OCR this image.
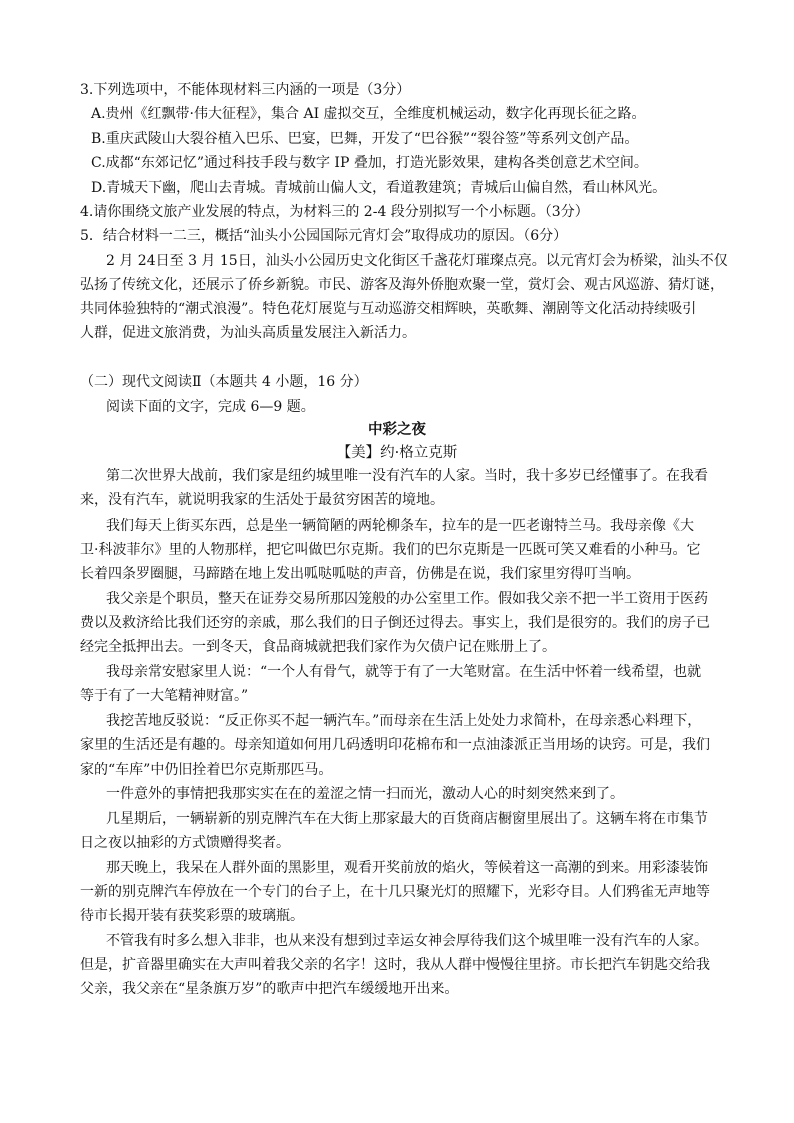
3.下列选项中，不能体现材料三内涵的一项是（3分）
A.贵州《红飘带·伟大征程》，集合 AI 虚拟交互，全维度机械运动，数字化再现长征之路。
B.重庆武陵山大裂谷植入巴乐、巴宴，巴舞，开发了“巴谷猴”“裂谷签”等系列文创产品。
C.成都“东郊记忆”通过科技手段与数字 IP 叠加，打造光影效果，建构各类创意艺术空间。
D.青城天下幽，爬山去青城。青城前山偏人文，看道教建筑；青城后山偏自然，看山林风光。
4.请你围绕文旅产业发展的特点，为材料三的 2-4 段分别拟写一个小标题。（3分）
5．结合材料一二三，概括“汕头小公园国际元宵灯会”取得成功的原因。（6分）
2 月 24日至 3 月 15日，汕头小公园历史文化街区千盏花灯璀璨点亮。以元宵灯会为桥梁，汕头不仅
弘扬了传统文化，还展示了侨乡新貌。市民、游客及海外侨胞欢聚一堂，赏灯会、观古风巡游、猜灯谜，
共同体验独特的“潮式浪漫”。特色花灯展览与互动巡游交相辉映，英歌舞、潮剧等文化活动持续吸引
人群，促进文旅消费，为汕头高质量发展注入新活力。
（二）现代文阅读Ⅱ（本题共 4 小题，16 分）
阅读下面的文字，完成 6—9 题。
中彩之夜
【美】约·格立克斯
第二次世界大战前，我们家是纽约城里唯一没有汽车的人家。当时，我十多岁已经懂事了。在我看
来，没有汽车，就说明我家的生活处于最贫穷困苦的境地。
我们每天上街买东西，总是坐一辆简陋的两轮柳条车，拉车的是一匹老谢特兰马。我母亲像《大
卫·科波菲尔》里的人物那样，把它叫做巴尔克斯。我们的巴尔克斯是一匹既可笑又难看的小种马。它
长着四条罗圈腿，马蹄踏在地上发出呱哒呱哒的声音，仿佛是在说，我们家里穷得叮当响。
我父亲是个职员，整天在证券交易所那囚笼般的办公室里工作。假如我父亲不把一半工资用于医药
费以及救济给比我们还穷的亲戚，那么我们的日子倒还过得去。事实上，我们是很穷的。我们的房子已
经完全抵押出去。一到冬天，食品商城就把我们家作为欠债户记在账册上了。
我母亲常安慰家里人说：“一个人有骨气，就等于有了一大笔财富。在生活中怀着一线希望，也就
等于有了一大笔精神财富。”
我挖苦地反驳说：“反正你买不起一辆汽车。”而母亲在生活上处处力求简朴，在母亲悉心料理下，
家里的生活还是有趣的。母亲知道如何用几码透明印花棉布和一点油漆派正当用场的诀窍。可是，我们
家的“车库”中仍旧拴着巴尔克斯那匹马。
一件意外的事情把我那实实在在的羞涩之情一扫而光，激动人心的时刻突然来到了。
几星期后，一辆崭新的别克牌汽车在大街上那家最大的百货商店橱窗里展出了。这辆车将在市集节
日之夜以抽彩的方式馈赠得奖者。
那天晚上，我呆在人群外面的黑影里，观看开奖前放的焰火，等候着这一高潮的到来。用彩漆装饰
一新的别克牌汽车停放在一个专门的台子上，在十几只聚光灯的照耀下，光彩夺目。人们鸦雀无声地等
待市长揭开装有获奖彩票的玻璃瓶。
不管我有时多么想入非非，也从来没有想到过幸运女神会厚待我们这个城里唯一没有汽车的人家。
但是，扩音器里确实在大声叫着我父亲的名字！这时，我从人群中慢慢往里挤。市长把汽车钥匙交给我
父亲，我父亲在“星条旗万岁”的歌声中把汽车缓缓地开出来。
